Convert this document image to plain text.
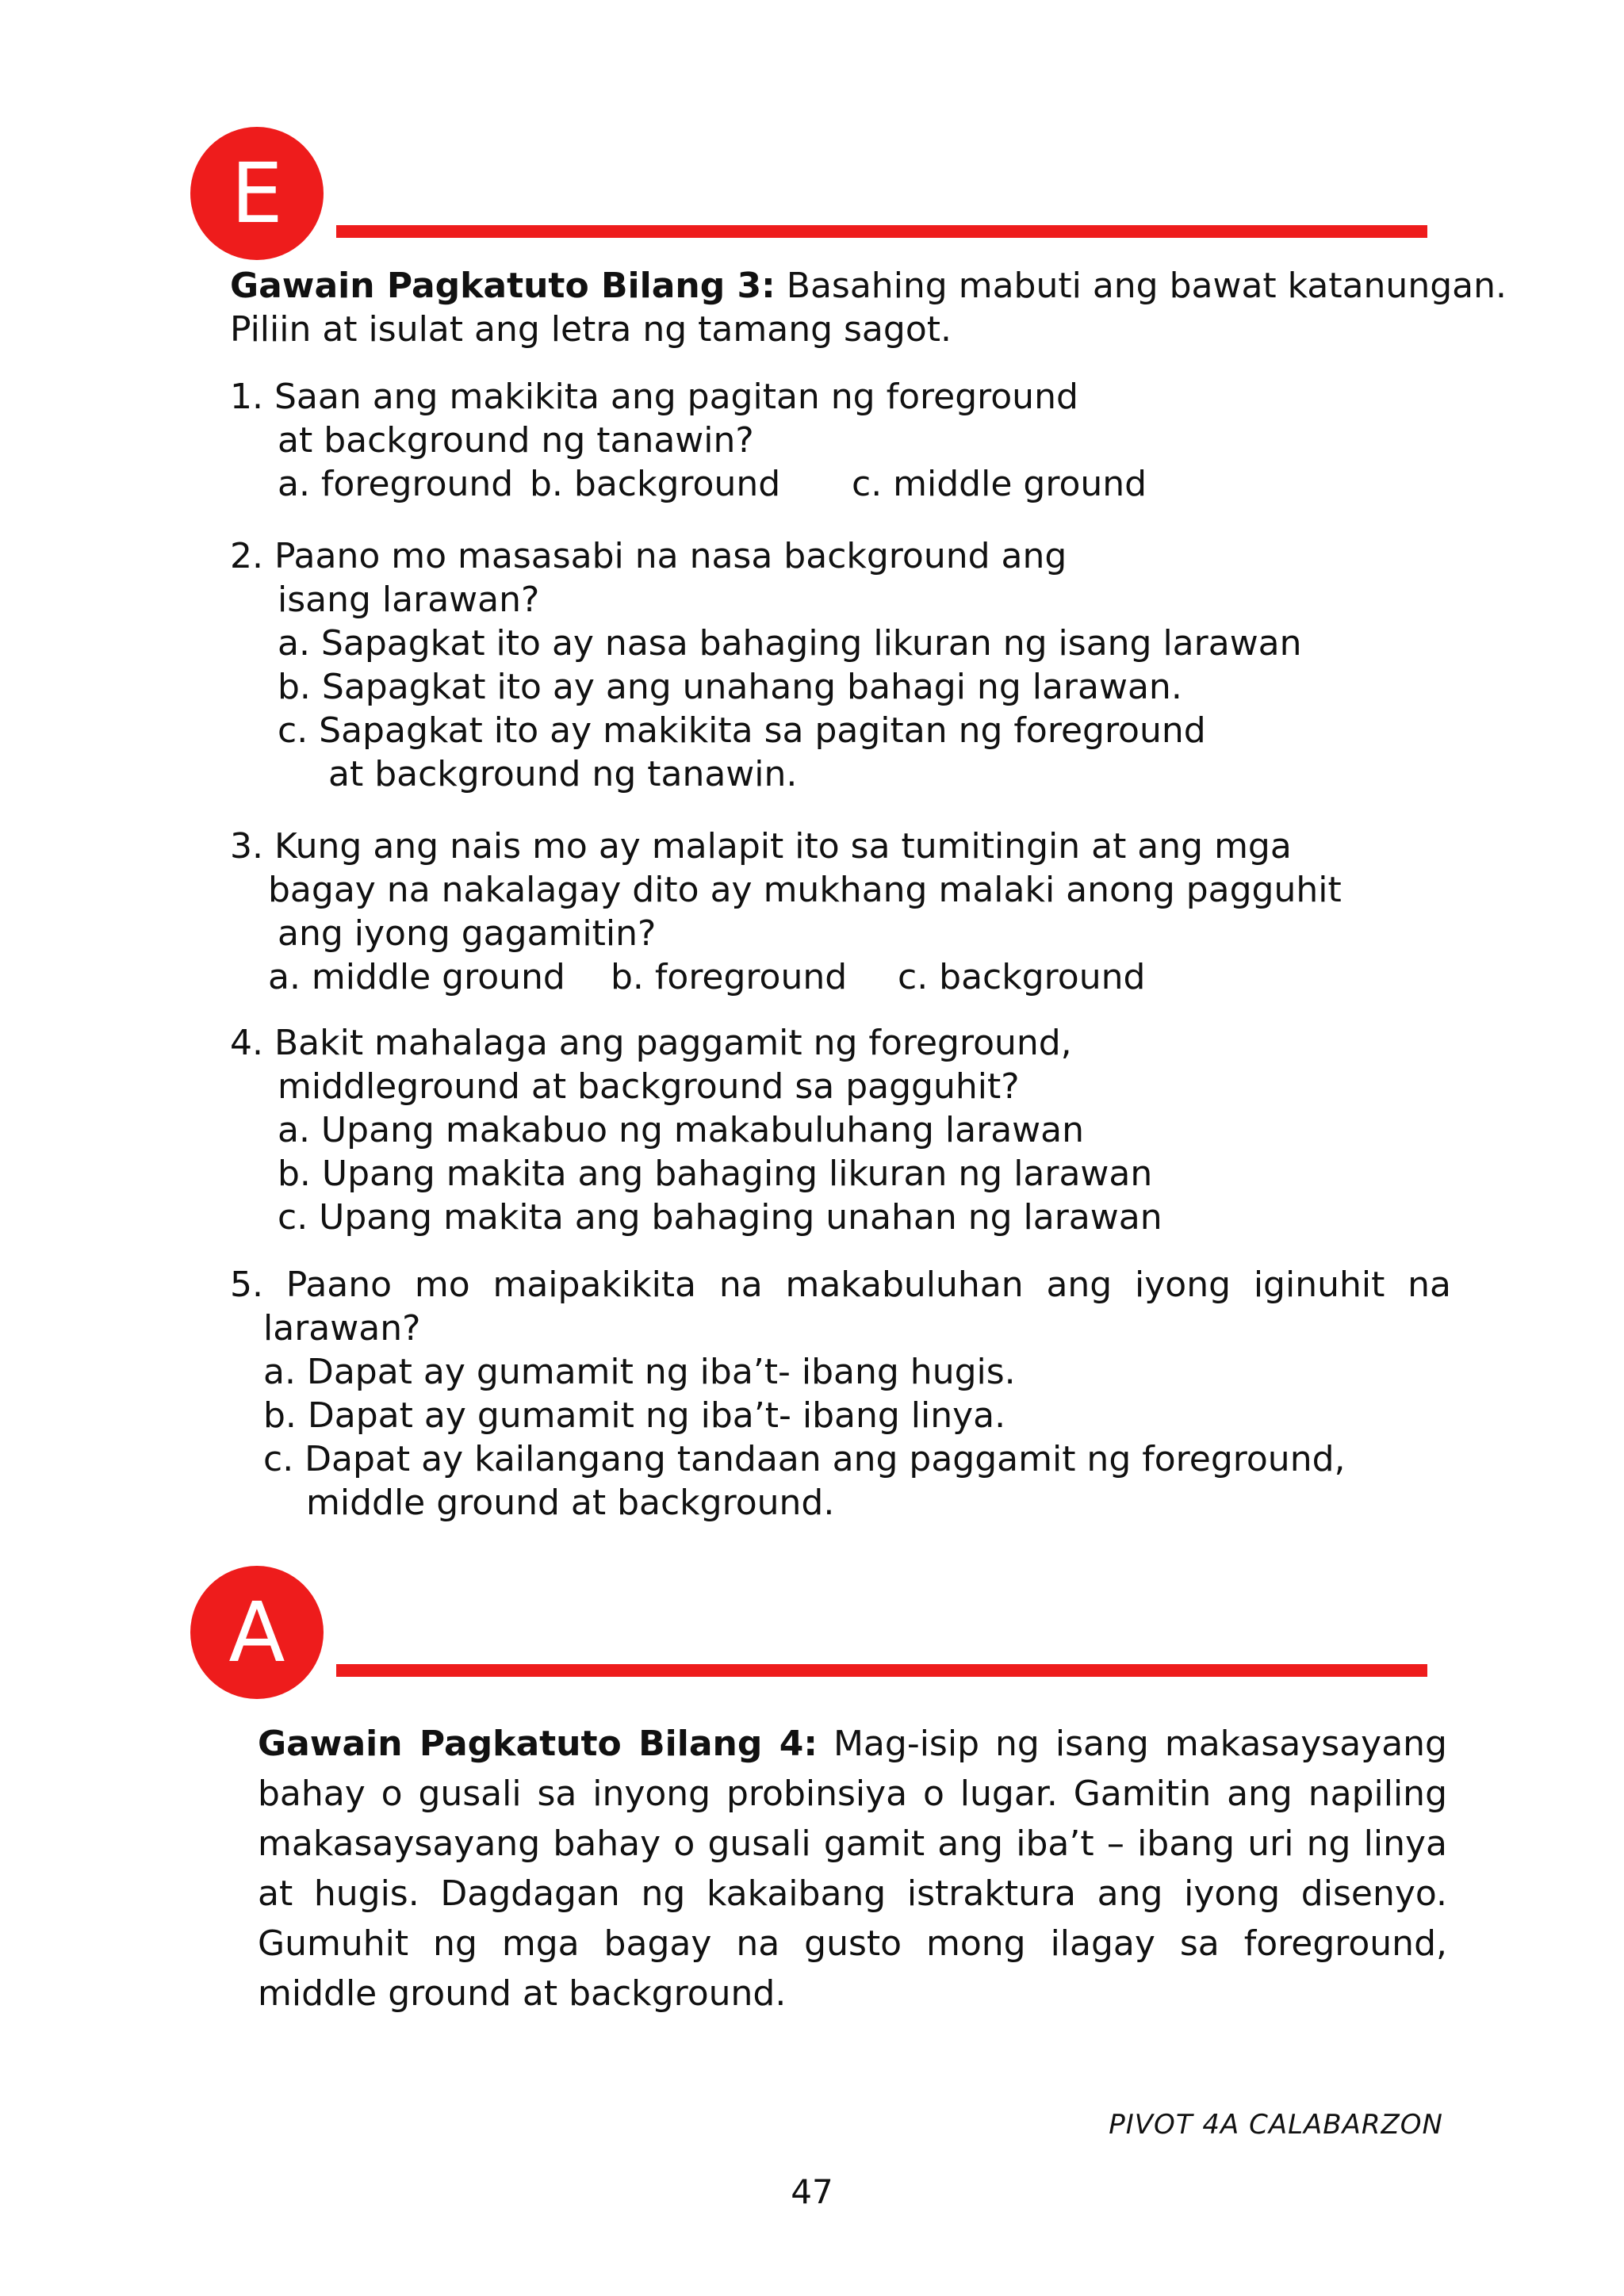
E

Gawain Pagkatuto Bilang 3: Basahing mabuti ang bawat katanungan.

Piliin at isulat ang letra ng tamang sagot.

1. Saan ang makikita ang pagitan ng foreground

at background ng tanawin?

a. foreground b. background c. middle ground

2. Paano mo masasabi na nasa background ang

isang larawan?

a. Sapagkat ito ay nasa bahaging likuran ng isang larawan

b. Sapagkat ito ay ang unahang bahagi ng larawan.

c. Sapagkat ito ay makikita sa pagitan ng foreground

at background ng tanawin.

3. Kung ang nais mo ay malapit ito sa tumitingin at ang mga

bagay na nakalagay dito ay mukhang malaki anong pagguhit

ang iyong gagamitin?

a. middle ground b. foreground c. background

4. Bakit mahalaga ang paggamit ng foreground,

middleground at background sa pagguhit?

a. Upang makabuo ng makabuluhang larawan

b. Upang makita ang bahaging likuran ng larawan

c. Upang makita ang bahaging unahan ng larawan

5. Paano mo maipakikita na makabuluhan ang iyong iginuhit na

larawan?

a. Dapat ay gumamit ng iba’t- ibang hugis.

b. Dapat ay gumamit ng iba’t- ibang linya.

c. Dapat ay kailangang tandaan ang paggamit ng foreground,

middle ground at background.

A
Gawain Pagkatuto Bilang 4: Mag-isip ng isang makasaysayang
bahay o gusali sa inyong probinsiya o lugar. Gamitin ang napiling
makasaysayang bahay o gusali gamit ang iba’t – ibang uri ng linya
at hugis. Dagdagan ng kakaibang istraktura ang iyong disenyo.
Gumuhit ng mga bagay na gusto mong ilagay sa foreground,
middle ground at background.
PIVOT 4A CALABARZON
47
